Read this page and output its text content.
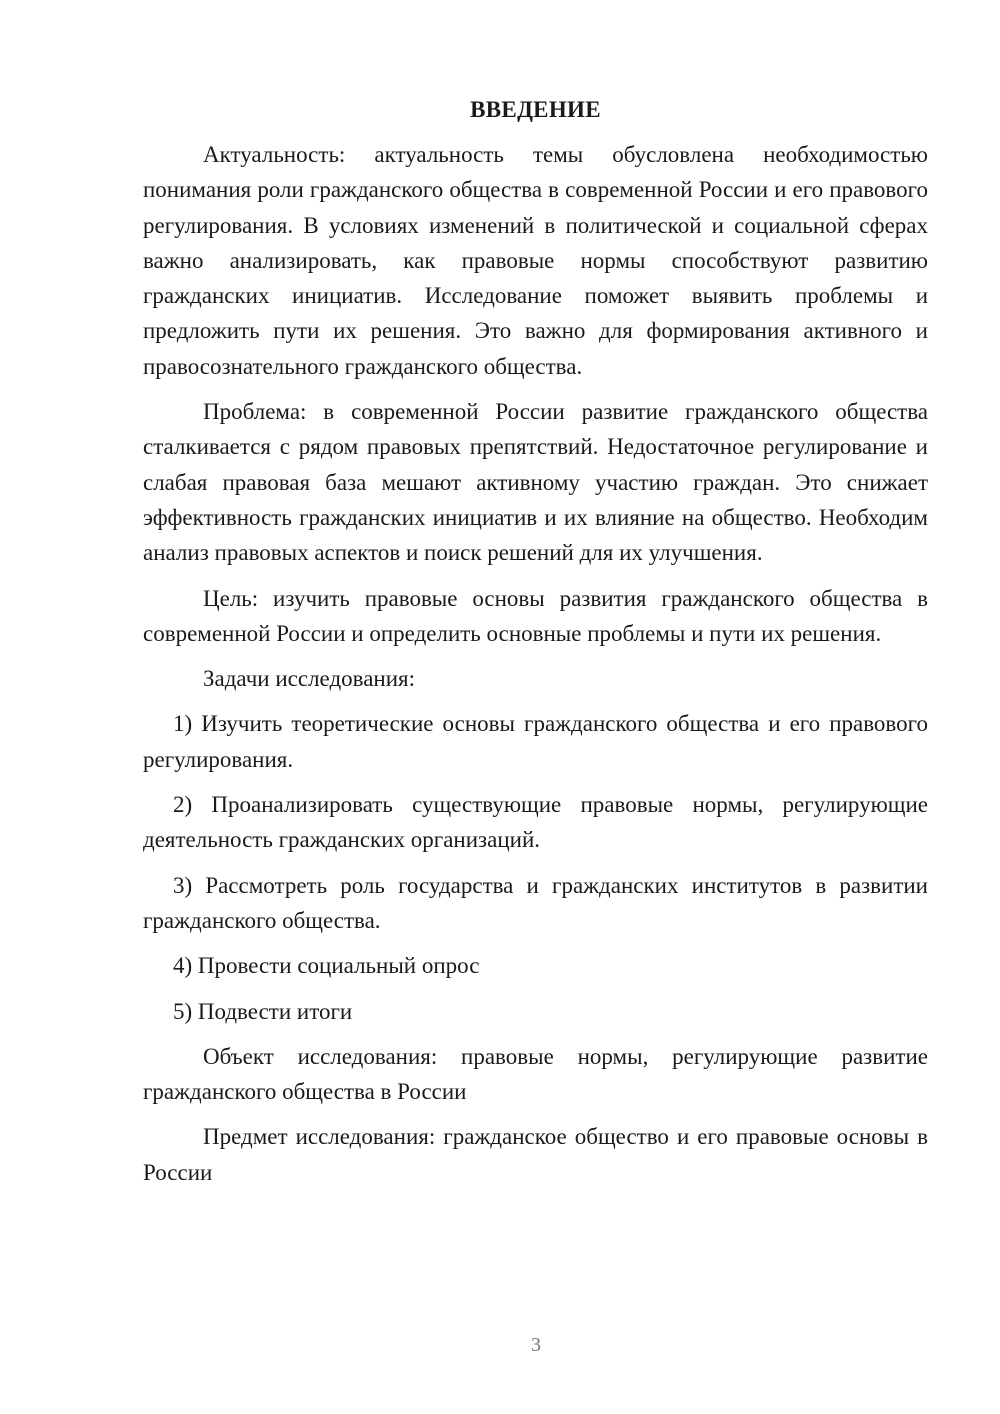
ВВЕДЕНИЕ

Актуальность: актуальность темы обусловлена необходимостью понимания роли гражданского общества в современной России и его правового регулирования. В условиях изменений в политической и социальной сферах важно анализировать, как правовые нормы способствуют развитию гражданских инициатив. Исследование поможет выявить проблемы и предложить пути их решения. Это важно для формирования активного и правосознательного гражданского общества.

Проблема: в современной России развитие гражданского общества сталкивается с рядом правовых препятствий. Недостаточное регулирование и слабая правовая база мешают активному участию граждан. Это снижает эффективность гражданских инициатив и их влияние на общество. Необходим анализ правовых аспектов и поиск решений для их улучшения.

Цель: изучить правовые основы развития гражданского общества в современной России и определить основные проблемы и пути их решения.

Задачи исследования:

1) Изучить теоретические основы гражданского общества и его правового регулирования.

2) Проанализировать существующие правовые нормы, регулирующие деятельность гражданских организаций.

3) Рассмотреть роль государства и гражданских институтов в развитии гражданского общества.

4) Провести социальный опрос

5) Подвести итоги

Объект исследования: правовые нормы, регулирующие развитие гражданского общества в России

Предмет исследования: гражданское общество и его правовые основы в России

3
